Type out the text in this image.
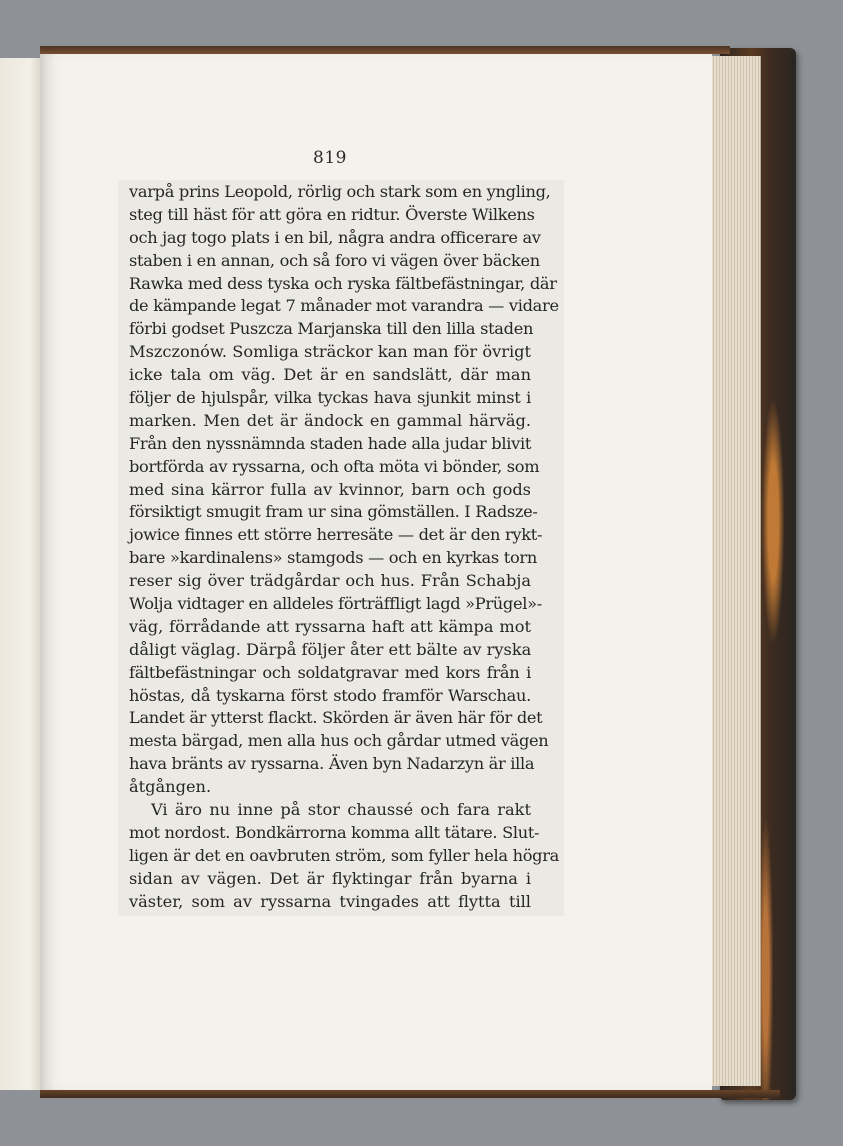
819
varpå prins Leopold, rörlig och stark som en yngling,
steg till häst för att göra en ridtur. Överste Wilkens
och jag togo plats i en bil, några andra officerare av
staben i en annan, och så foro vi vägen över bäcken
Rawka med dess tyska och ryska fältbefästningar, där
de kämpande legat 7 månader mot varandra — vidare
förbi godset Puszcza Marjanska till den lilla staden
Mszczonów. Somliga sträckor kan man för övrigt
icke tala om väg. Det är en sandslätt, där man
följer de hjulspår, vilka tyckas hava sjunkit minst i
marken. Men det är ändock en gammal härväg.
Från den nyssnämnda staden hade alla judar blivit
bortförda av ryssarna, och ofta möta vi bönder, som
med sina kärror fulla av kvinnor, barn och gods
försiktigt smugit fram ur sina gömställen. I Radsze-
jowice finnes ett större herresäte — det är den rykt-
bare »kardinalens» stamgods — och en kyrkas torn
reser sig över trädgårdar och hus. Från Schabja
Wolja vidtager en alldeles förträffligt lagd »Prügel»-
väg, förrådande att ryssarna haft att kämpa mot
dåligt väglag. Därpå följer åter ett bälte av ryska
fältbefästningar och soldatgravar med kors från i
höstas, då tyskarna först stodo framför Warschau.
Landet är ytterst flackt. Skörden är även här för det
mesta bärgad, men alla hus och gårdar utmed vägen
hava bränts av ryssarna. Även byn Nadarzyn är illa
åtgången.
Vi äro nu inne på stor chaussé och fara rakt
mot nordost. Bondkärrorna komma allt tätare. Slut-
ligen är det en oavbruten ström, som fyller hela högra
sidan av vägen. Det är flyktingar från byarna i
väster, som av ryssarna tvingades att flytta till
